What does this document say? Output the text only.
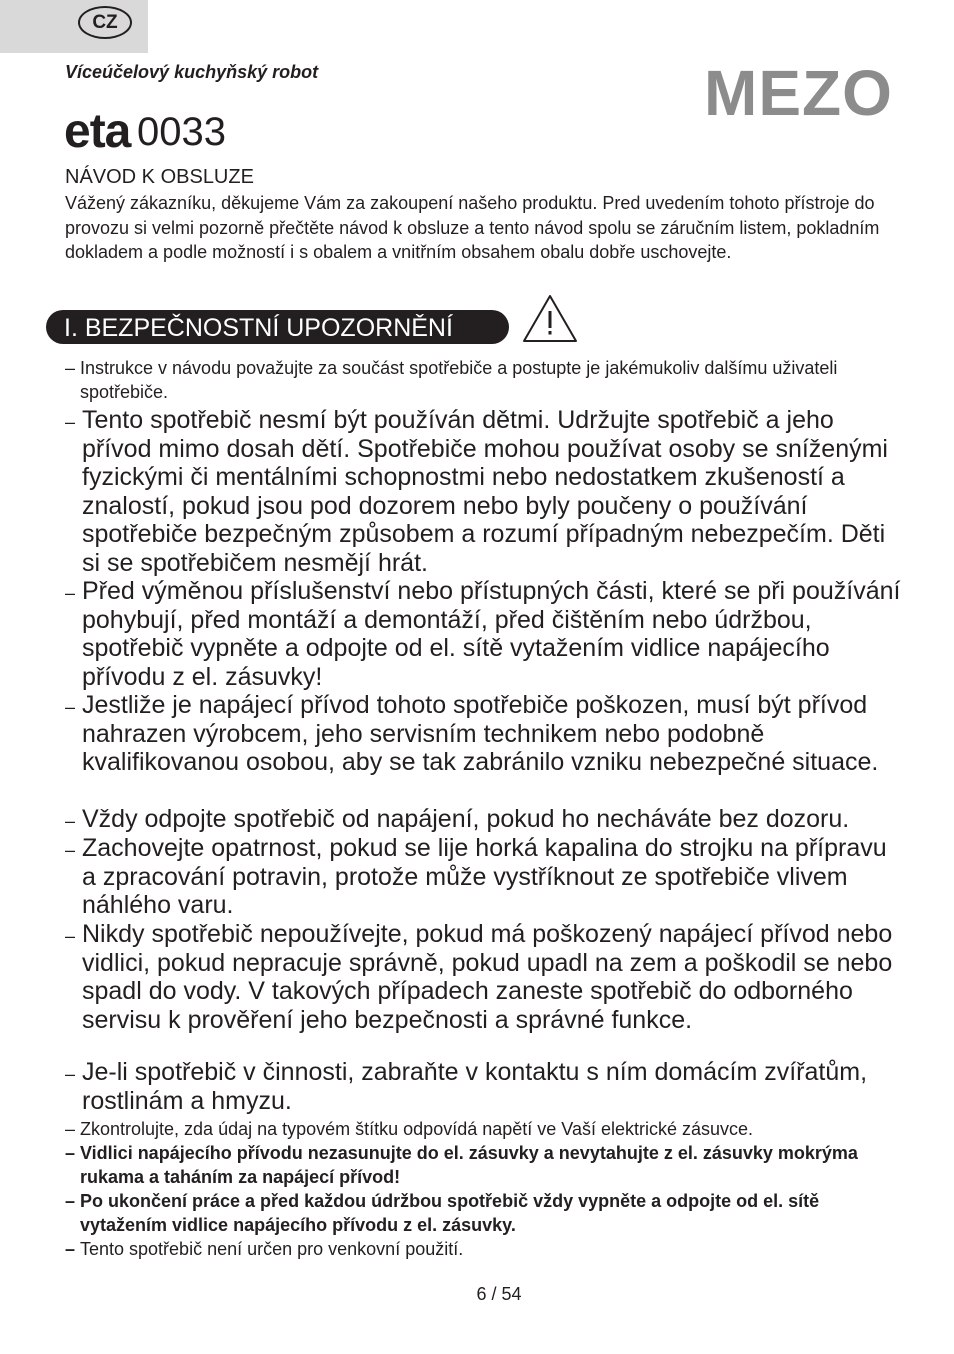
CZ
Víceúčelový kuchyňský robot	MEZO
eta 0033
NÁVOD K OBSLUZE
Vážený zákazníku, děkujeme Vám za zakoupení našeho produktu. Pred uvedením tohoto přístroje do provozu si velmi pozorně přečtěte návod k obsluze a tento návod spolu se záručním listem, pokladním dokladem a podle možností i s obalem a vnitřním obsahem obalu dobře uschovejte.
I. BEZPEČNOSTNÍ UPOZORNĚNÍ
– Instrukce v návodu považujte za součást spotřebiče a postupte je jakémukoliv dalšímu uživateli spotřebiče.
– Tento spotřebič nesmí být používán dětmi. Udržujte spotřebič a jeho přívod mimo dosah dětí. Spotřebiče mohou používat osoby se sníženými fyzickými či mentálními schopnostmi nebo nedostatkem zkušeností a znalostí, pokud jsou pod dozorem nebo byly poučeny o používání spotřebiče bezpečným způsobem a rozumí případným nebezpečím. Děti si se spotřebičem nesmějí hrát.
– Před výměnou příslušenství nebo přístupných části, které se při používání pohybují, před montáží a demontáží, před čištěním nebo údržbou, spotřebič vypněte a odpojte od el. sítě vytažením vidlice napájecího přívodu z el. zásuvky!
– Jestliže je napájecí přívod tohoto spotřebiče poškozen, musí být přívod nahrazen výrobcem, jeho servisním technikem nebo podobně kvalifikovanou osobou, aby se tak zabránilo vzniku nebezpečné situace.
– Vždy odpojte spotřebič od napájení, pokud ho necháváte bez dozoru.
– Zachovejte opatrnost, pokud se lije horká kapalina do strojku na přípravu a zpracování potravin, protože může vystříknout ze spotřebiče vlivem náhlého varu.
– Nikdy spotřebič nepoužívejte, pokud má poškozený napájecí přívod nebo vidlici, pokud nepracuje správně, pokud upadl na zem a poškodil se nebo spadl do vody. V takových případech zaneste spotřebič do odborného servisu k prověření jeho bezpečnosti a správné funkce.
– Je-li spotřebič v činnosti, zabraňte v kontaktu s ním domácím zvířatům, rostlinám a hmyzu.
– Zkontrolujte, zda údaj na typovém štítku odpovídá napětí ve Vaší elektrické zásuvce.
– Vidlici napájecího přívodu nezasunujte do el. zásuvky a nevytahujte z el. zásuvky mokrýma rukama a taháním za napájecí přívod!
– Po ukončení práce a před každou údržbou spotřebič vždy vypněte a odpojte od el. sítě vytažením vidlice napájecího přívodu z el. zásuvky.
– Tento spotřebič není určen pro venkovní použití.
6 / 54
